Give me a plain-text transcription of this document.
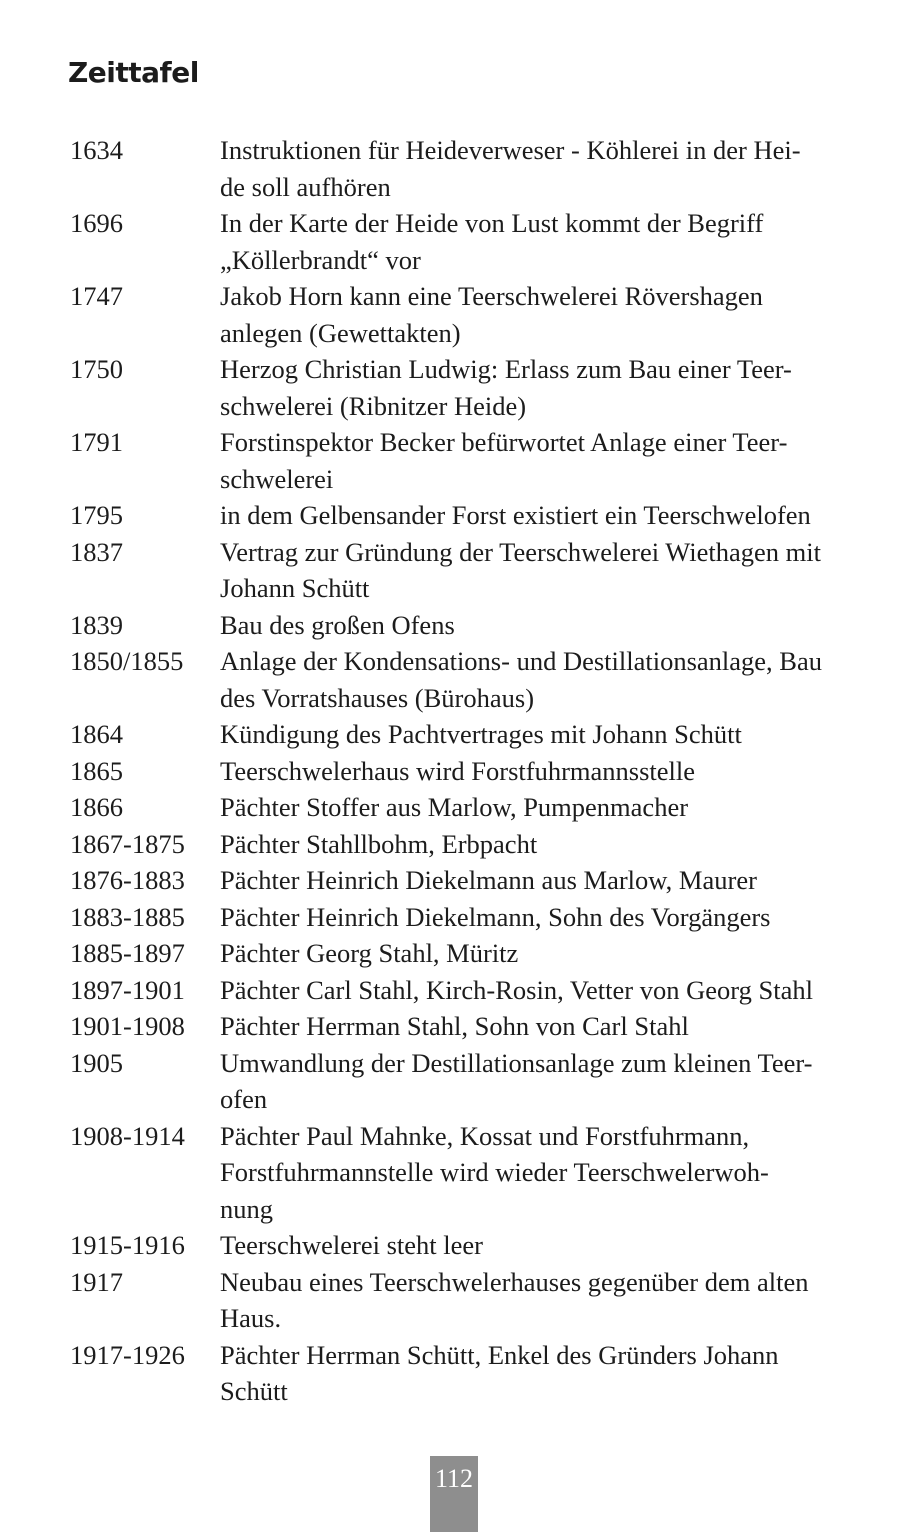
Zeittafel
1634	Instruktionen für Heideverweser - Köhlerei in der Hei-
de soll aufhören
1696	In der Karte der Heide von Lust kommt der Begriff
„Köllerbrandt“ vor
1747	Jakob Horn kann eine Teerschwelerei Rövershagen
anlegen (Gewettakten)
1750	Herzog Christian Ludwig: Erlass zum Bau einer Teer-
schwelerei (Ribnitzer Heide)
1791	Forstinspektor Becker befürwortet Anlage einer Teer-
schwelerei
1795	in dem Gelbensander Forst existiert ein Teerschwelofen
1837	Vertrag zur Gründung der Teerschwelerei Wiethagen mit
Johann Schütt
1839	Bau des großen Ofens
1850/1855	Anlage der Kondensations- und Destillationsanlage, Bau
des Vorratshauses (Bürohaus)
1864	Kündigung des Pachtvertrages mit Johann Schütt
1865	Teerschwelerhaus wird Forstfuhrmannsstelle
1866	Pächter Stoffer aus Marlow, Pumpenmacher
1867-1875	Pächter Stahllbohm, Erbpacht
1876-1883	Pächter Heinrich Diekelmann aus Marlow, Maurer
1883-1885	Pächter Heinrich Diekelmann, Sohn des Vorgängers
1885-1897	Pächter Georg Stahl, Müritz
1897-1901	Pächter Carl Stahl, Kirch-Rosin, Vetter von Georg Stahl
1901-1908	Pächter Herrman Stahl, Sohn von Carl Stahl
1905	Umwandlung der Destillationsanlage zum kleinen Teer-
ofen
1908-1914	Pächter Paul Mahnke, Kossat und Forstfuhrmann,
Forstfuhrmannstelle wird wieder Teerschwelerwoh-
nung
1915-1916	Teerschwelerei steht leer
1917	Neubau eines Teerschwelerhauses gegenüber dem alten
Haus.
1917-1926	Pächter Herrman Schütt, Enkel des Gründers Johann
Schütt
112
